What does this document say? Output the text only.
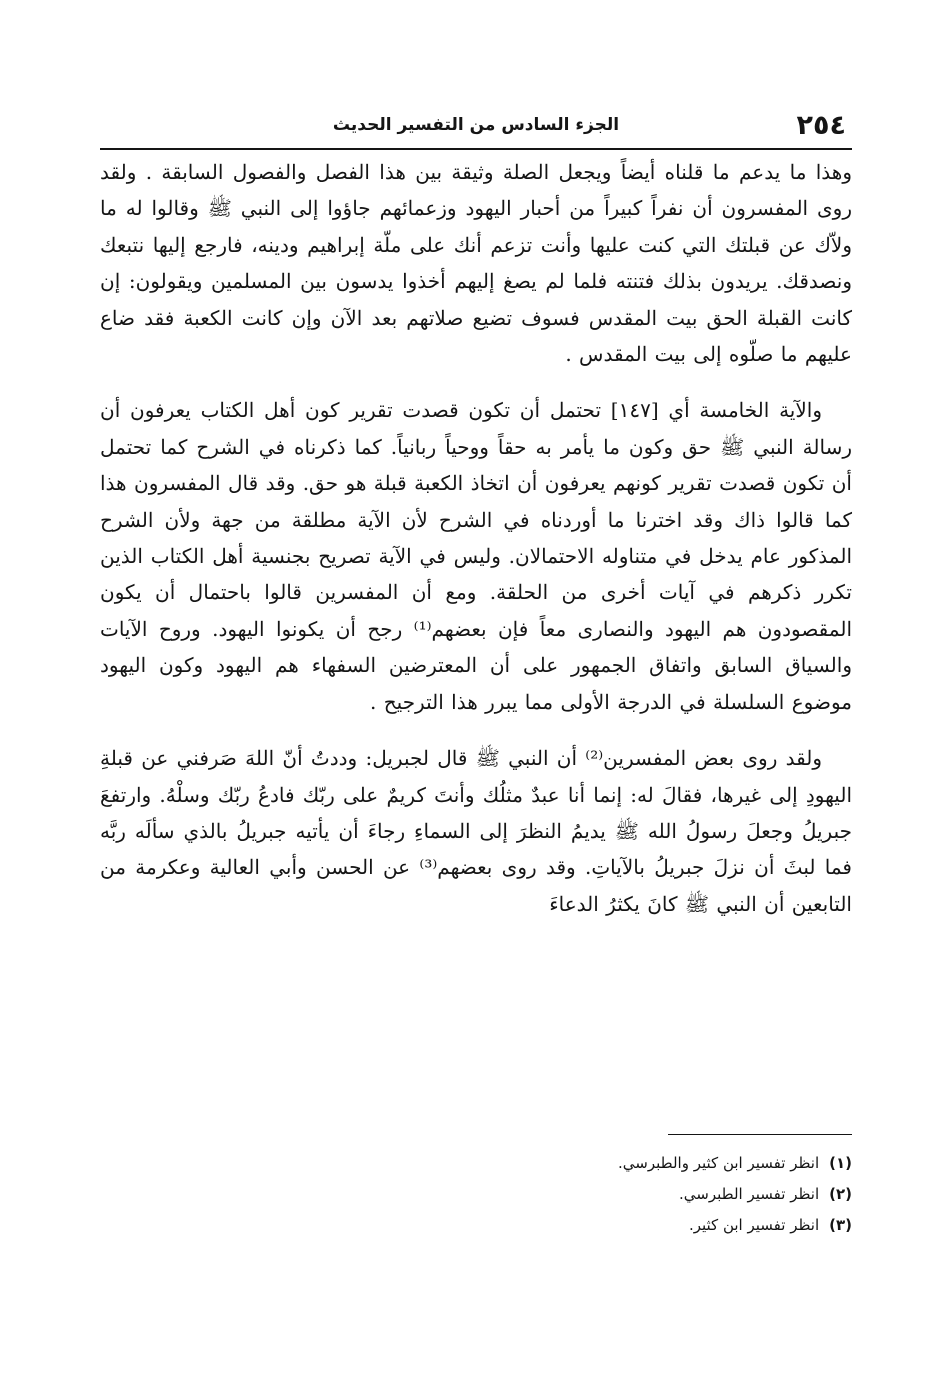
٢٥٤
الجزء السادس من التفسير الحديث

وهذا ما يدعم ما قلناه أيضاً ويجعل الصلة وثيقة بين هذا الفصل والفصول السابقة . ولقد روى المفسرون أن نفراً كبيراً من أحبار اليهود وزعمائهم جاؤوا إلى النبي ﷺ وقالوا له ما ولاّك عن قبلتك التي كنت عليها وأنت تزعم أنك على ملّة إبراهيم ودينه، فارجع إليها نتبعك ونصدقك. يريدون بذلك فتنته فلما لم يصغ إليهم أخذوا يدسون بين المسلمين ويقولون: إن كانت القبلة الحق بيت المقدس فسوف تضيع صلاتهم بعد الآن وإن كانت الكعبة فقد ضاع عليهم ما صلّوه إلى بيت المقدس .

والآية الخامسة أي [١٤٧] تحتمل أن تكون قصدت تقرير كون أهل الكتاب يعرفون أن رسالة النبي ﷺ حق وكون ما يأمر به حقاً ووحياً ربانياً. كما ذكرناه في الشرح كما تحتمل أن تكون قصدت تقرير كونهم يعرفون أن اتخاذ الكعبة قبلة هو حق. وقد قال المفسرون هذا كما قالوا ذاك وقد اخترنا ما أوردناه في الشرح لأن الآية مطلقة من جهة ولأن الشرح المذكور عام يدخل في متناوله الاحتمالان. وليس في الآية تصريح بجنسية أهل الكتاب الذين تكرر ذكرهم في آيات أخرى من الحلقة. ومع أن المفسرين قالوا باحتمال أن يكون المقصودون هم اليهود والنصارى معاً فإن بعضهم⁽¹⁾ رجح أن يكونوا اليهود. وروح الآيات والسياق السابق واتفاق الجمهور على أن المعترضين السفهاء هم اليهود وكون اليهود موضوع السلسلة في الدرجة الأولى مما يبرر هذا الترجيح .

ولقد روى بعض المفسرين⁽²⁾ أن النبي ﷺ قال لجبريل: وددتُ أنّ اللهَ صَرفني عن قبلةِ اليهودِ إلى غيرها، فقالَ له: إنما أنا عبدٌ مثلُك وأنتَ كريمٌ على ربّك فادعُ ربّك وسلْهُ. وارتفعَ جبريلُ وجعلَ رسولُ الله ﷺ يديمُ النظرَ إلى السماءِ رجاءَ أن يأتيه جبريلُ بالذي سألَه ربَّه فما لبثَ أن نزلَ جبريلُ بالآياتِ. وقد روى بعضهم⁽³⁾ عن الحسن وأبي العالية وعكرمة من التابعين أن النبي ﷺ كانَ يكثرُ الدعاءَ

(١)
انظر تفسير ابن كثير والطبرسي.

(٢)
انظر تفسير الطبرسي.

(٣)
انظر تفسير ابن كثير.
